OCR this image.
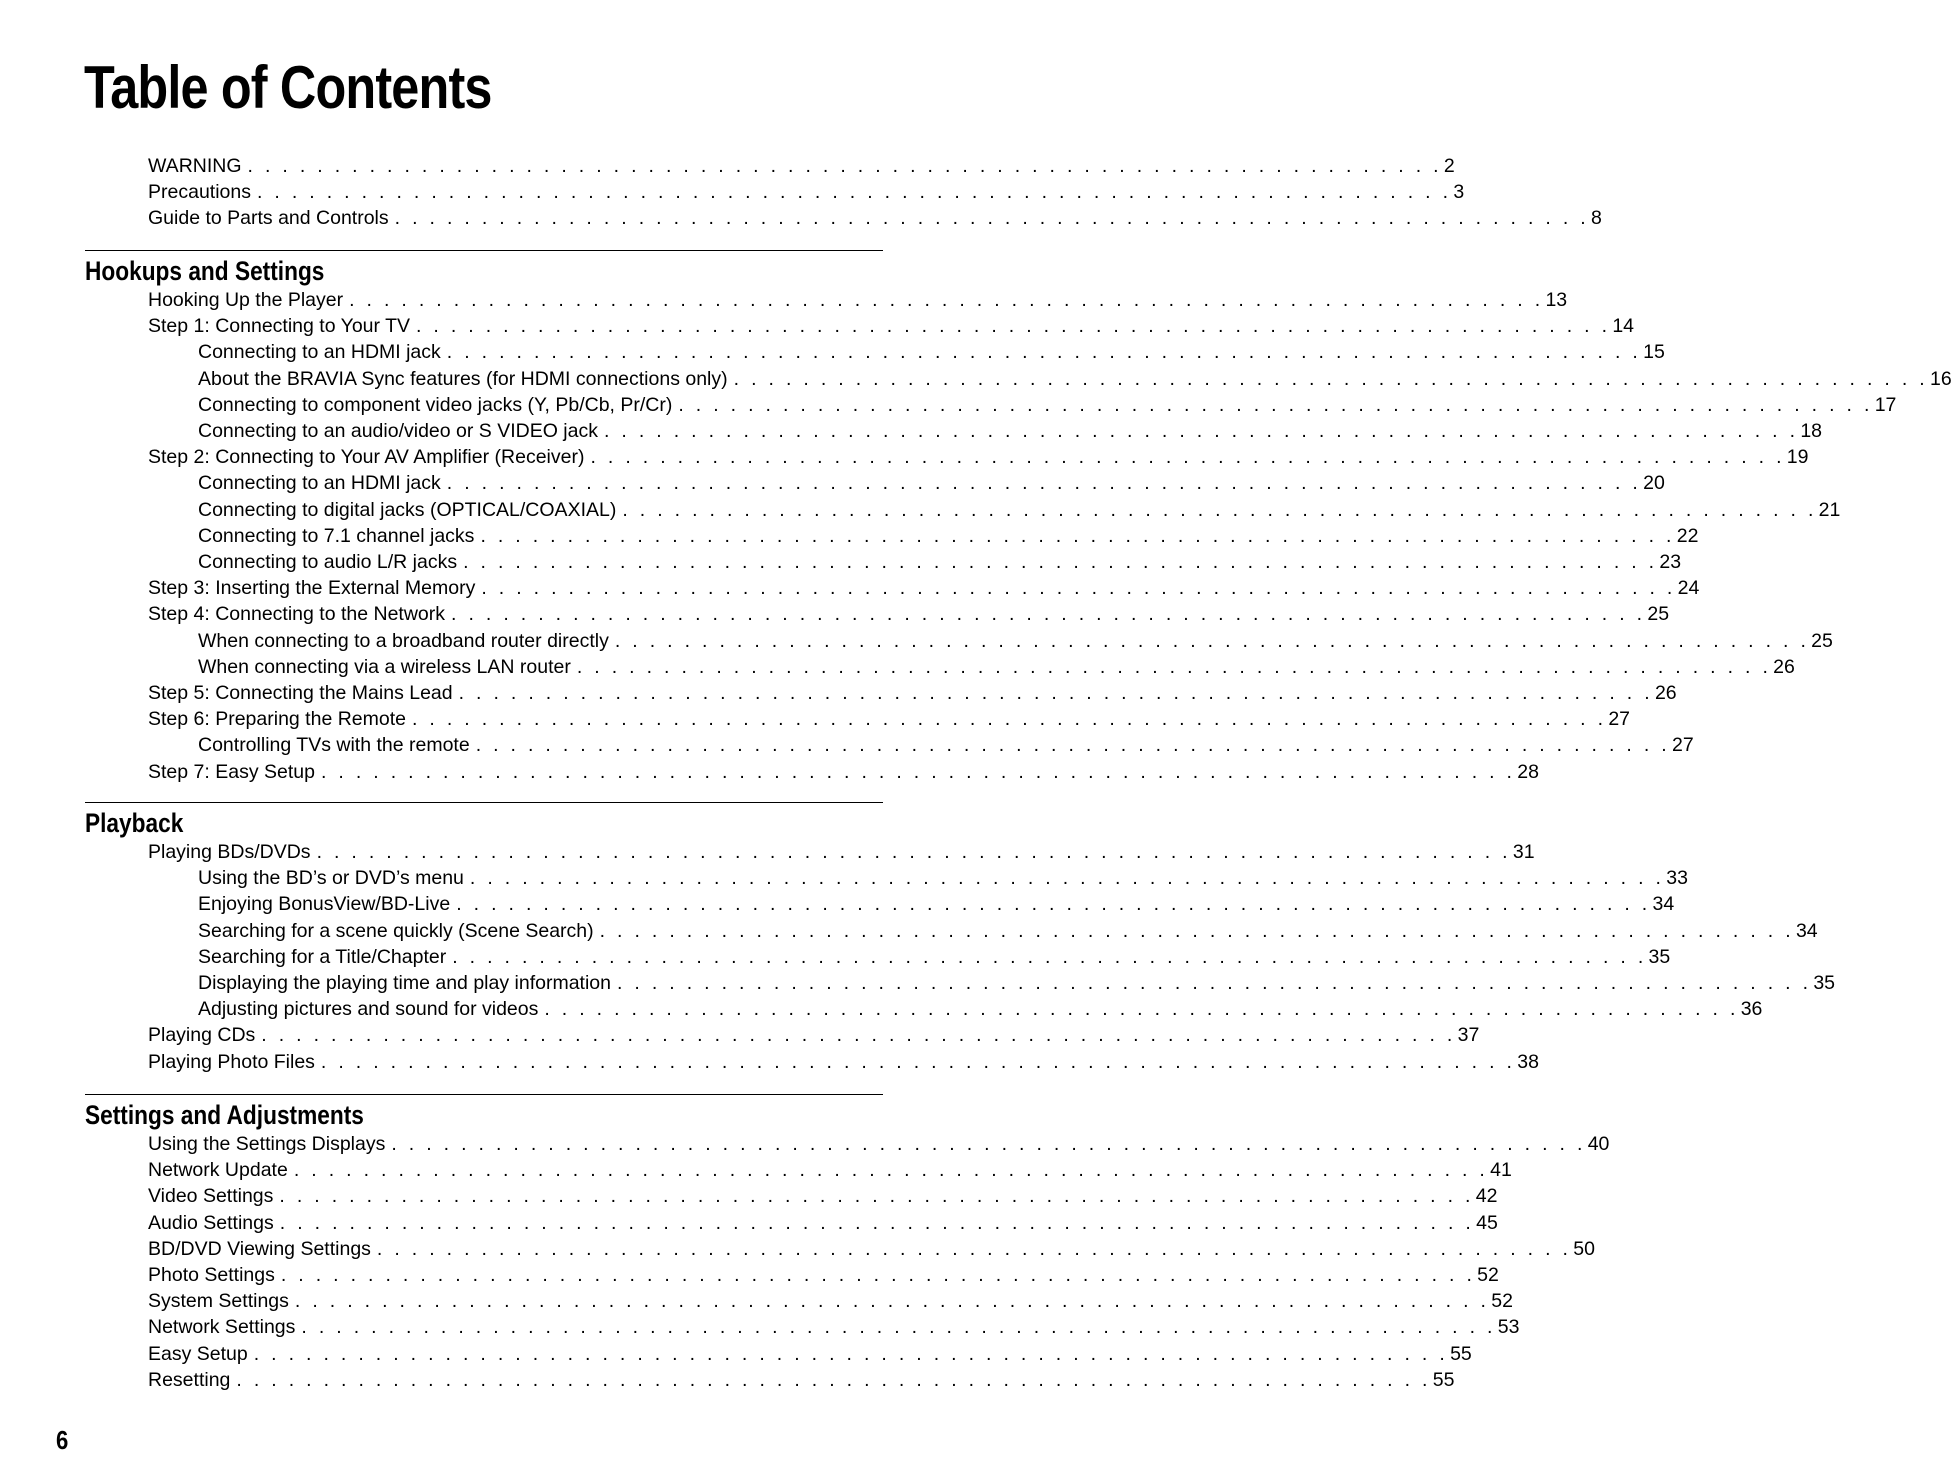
Table of Contents
WARNING . . . . . . . . . . . . . . . . . . . . . . . . . . . . . . . . . . . . . . . . . . . . . . . . . . . . . . . . . . . . . . . . . . . . . 2
Precautions . . . . . . . . . . . . . . . . . . . . . . . . . . . . . . . . . . . . . . . . . . . . . . . . . . . . . . . . . . . . . . . . . . . . . 3
Guide to Parts and Controls . . . . . . . . . . . . . . . . . . . . . . . . . . . . . . . . . . . . . . . . . . . . . . . . . . . . . . . . . . . . . . . . . . . . . 8
Hookups and Settings
Hooking Up the Player . . . . . . . . . . . . . . . . . . . . . . . . . . . . . . . . . . . . . . . . . . . . . . . . . . . . . . . . . . . . . . . . . . . . . 13
Step 1: Connecting to Your TV . . . . . . . . . . . . . . . . . . . . . . . . . . . . . . . . . . . . . . . . . . . . . . . . . . . . . . . . . . . . . . . . . . . . . 14
Connecting to an HDMI jack . . . . . . . . . . . . . . . . . . . . . . . . . . . . . . . . . . . . . . . . . . . . . . . . . . . . . . . . . . . . . . . . . . . . . 15
About the BRAVIA Sync features (for HDMI connections only) . . . . . . . . . . . . . . . . . . . . . . . . . . . . . . . . . . . . . . . . . . . . . . . . . . . . . . . . . . . . . . . . . . . . . 16
Connecting to component video jacks (Y, Pb/Cb, Pr/Cr) . . . . . . . . . . . . . . . . . . . . . . . . . . . . . . . . . . . . . . . . . . . . . . . . . . . . . . . . . . . . . . . . . . . . . 17
Connecting to an audio/video or S VIDEO jack . . . . . . . . . . . . . . . . . . . . . . . . . . . . . . . . . . . . . . . . . . . . . . . . . . . . . . . . . . . . . . . . . . . . . 18
Step 2: Connecting to Your AV Amplifier (Receiver) . . . . . . . . . . . . . . . . . . . . . . . . . . . . . . . . . . . . . . . . . . . . . . . . . . . . . . . . . . . . . . . . . . . . . 19
Connecting to an HDMI jack . . . . . . . . . . . . . . . . . . . . . . . . . . . . . . . . . . . . . . . . . . . . . . . . . . . . . . . . . . . . . . . . . . . . . 20
Connecting to digital jacks (OPTICAL/COAXIAL) . . . . . . . . . . . . . . . . . . . . . . . . . . . . . . . . . . . . . . . . . . . . . . . . . . . . . . . . . . . . . . . . . . . . . 21
Connecting to 7.1 channel jacks . . . . . . . . . . . . . . . . . . . . . . . . . . . . . . . . . . . . . . . . . . . . . . . . . . . . . . . . . . . . . . . . . . . . . 22
Connecting to audio L/R jacks . . . . . . . . . . . . . . . . . . . . . . . . . . . . . . . . . . . . . . . . . . . . . . . . . . . . . . . . . . . . . . . . . . . . . 23
Step 3: Inserting the External Memory . . . . . . . . . . . . . . . . . . . . . . . . . . . . . . . . . . . . . . . . . . . . . . . . . . . . . . . . . . . . . . . . . . . . . 24
Step 4: Connecting to the Network . . . . . . . . . . . . . . . . . . . . . . . . . . . . . . . . . . . . . . . . . . . . . . . . . . . . . . . . . . . . . . . . . . . . . 25
When connecting to a broadband router directly . . . . . . . . . . . . . . . . . . . . . . . . . . . . . . . . . . . . . . . . . . . . . . . . . . . . . . . . . . . . . . . . . . . . . 25
When connecting via a wireless LAN router . . . . . . . . . . . . . . . . . . . . . . . . . . . . . . . . . . . . . . . . . . . . . . . . . . . . . . . . . . . . . . . . . . . . . 26
Step 5: Connecting the Mains Lead . . . . . . . . . . . . . . . . . . . . . . . . . . . . . . . . . . . . . . . . . . . . . . . . . . . . . . . . . . . . . . . . . . . . . 26
Step 6: Preparing the Remote . . . . . . . . . . . . . . . . . . . . . . . . . . . . . . . . . . . . . . . . . . . . . . . . . . . . . . . . . . . . . . . . . . . . . 27
Controlling TVs with the remote . . . . . . . . . . . . . . . . . . . . . . . . . . . . . . . . . . . . . . . . . . . . . . . . . . . . . . . . . . . . . . . . . . . . . 27
Step 7: Easy Setup . . . . . . . . . . . . . . . . . . . . . . . . . . . . . . . . . . . . . . . . . . . . . . . . . . . . . . . . . . . . . . . . . . . . . 28
Playback
Playing BDs/DVDs . . . . . . . . . . . . . . . . . . . . . . . . . . . . . . . . . . . . . . . . . . . . . . . . . . . . . . . . . . . . . . . . . . . . . 31
Using the BD’s or DVD’s menu . . . . . . . . . . . . . . . . . . . . . . . . . . . . . . . . . . . . . . . . . . . . . . . . . . . . . . . . . . . . . . . . . . . . . 33
Enjoying BonusView/BD-Live . . . . . . . . . . . . . . . . . . . . . . . . . . . . . . . . . . . . . . . . . . . . . . . . . . . . . . . . . . . . . . . . . . . . . 34
Searching for a scene quickly (Scene Search) . . . . . . . . . . . . . . . . . . . . . . . . . . . . . . . . . . . . . . . . . . . . . . . . . . . . . . . . . . . . . . . . . . . . . 34
Searching for a Title/Chapter . . . . . . . . . . . . . . . . . . . . . . . . . . . . . . . . . . . . . . . . . . . . . . . . . . . . . . . . . . . . . . . . . . . . . 35
Displaying the playing time and play information . . . . . . . . . . . . . . . . . . . . . . . . . . . . . . . . . . . . . . . . . . . . . . . . . . . . . . . . . . . . . . . . . . . . . 35
Adjusting pictures and sound for videos . . . . . . . . . . . . . . . . . . . . . . . . . . . . . . . . . . . . . . . . . . . . . . . . . . . . . . . . . . . . . . . . . . . . . 36
Playing CDs . . . . . . . . . . . . . . . . . . . . . . . . . . . . . . . . . . . . . . . . . . . . . . . . . . . . . . . . . . . . . . . . . . . . . 37
Playing Photo Files . . . . . . . . . . . . . . . . . . . . . . . . . . . . . . . . . . . . . . . . . . . . . . . . . . . . . . . . . . . . . . . . . . . . . 38
Settings and Adjustments
Using the Settings Displays . . . . . . . . . . . . . . . . . . . . . . . . . . . . . . . . . . . . . . . . . . . . . . . . . . . . . . . . . . . . . . . . . . . . . 40
Network Update . . . . . . . . . . . . . . . . . . . . . . . . . . . . . . . . . . . . . . . . . . . . . . . . . . . . . . . . . . . . . . . . . . . . . 41
Video Settings . . . . . . . . . . . . . . . . . . . . . . . . . . . . . . . . . . . . . . . . . . . . . . . . . . . . . . . . . . . . . . . . . . . . . 42
Audio Settings . . . . . . . . . . . . . . . . . . . . . . . . . . . . . . . . . . . . . . . . . . . . . . . . . . . . . . . . . . . . . . . . . . . . . 45
BD/DVD Viewing Settings . . . . . . . . . . . . . . . . . . . . . . . . . . . . . . . . . . . . . . . . . . . . . . . . . . . . . . . . . . . . . . . . . . . . . 50
Photo Settings . . . . . . . . . . . . . . . . . . . . . . . . . . . . . . . . . . . . . . . . . . . . . . . . . . . . . . . . . . . . . . . . . . . . . 52
System Settings . . . . . . . . . . . . . . . . . . . . . . . . . . . . . . . . . . . . . . . . . . . . . . . . . . . . . . . . . . . . . . . . . . . . . 52
Network Settings . . . . . . . . . . . . . . . . . . . . . . . . . . . . . . . . . . . . . . . . . . . . . . . . . . . . . . . . . . . . . . . . . . . . . 53
Easy Setup . . . . . . . . . . . . . . . . . . . . . . . . . . . . . . . . . . . . . . . . . . . . . . . . . . . . . . . . . . . . . . . . . . . . . 55
Resetting . . . . . . . . . . . . . . . . . . . . . . . . . . . . . . . . . . . . . . . . . . . . . . . . . . . . . . . . . . . . . . . . . . . . . 55
6
